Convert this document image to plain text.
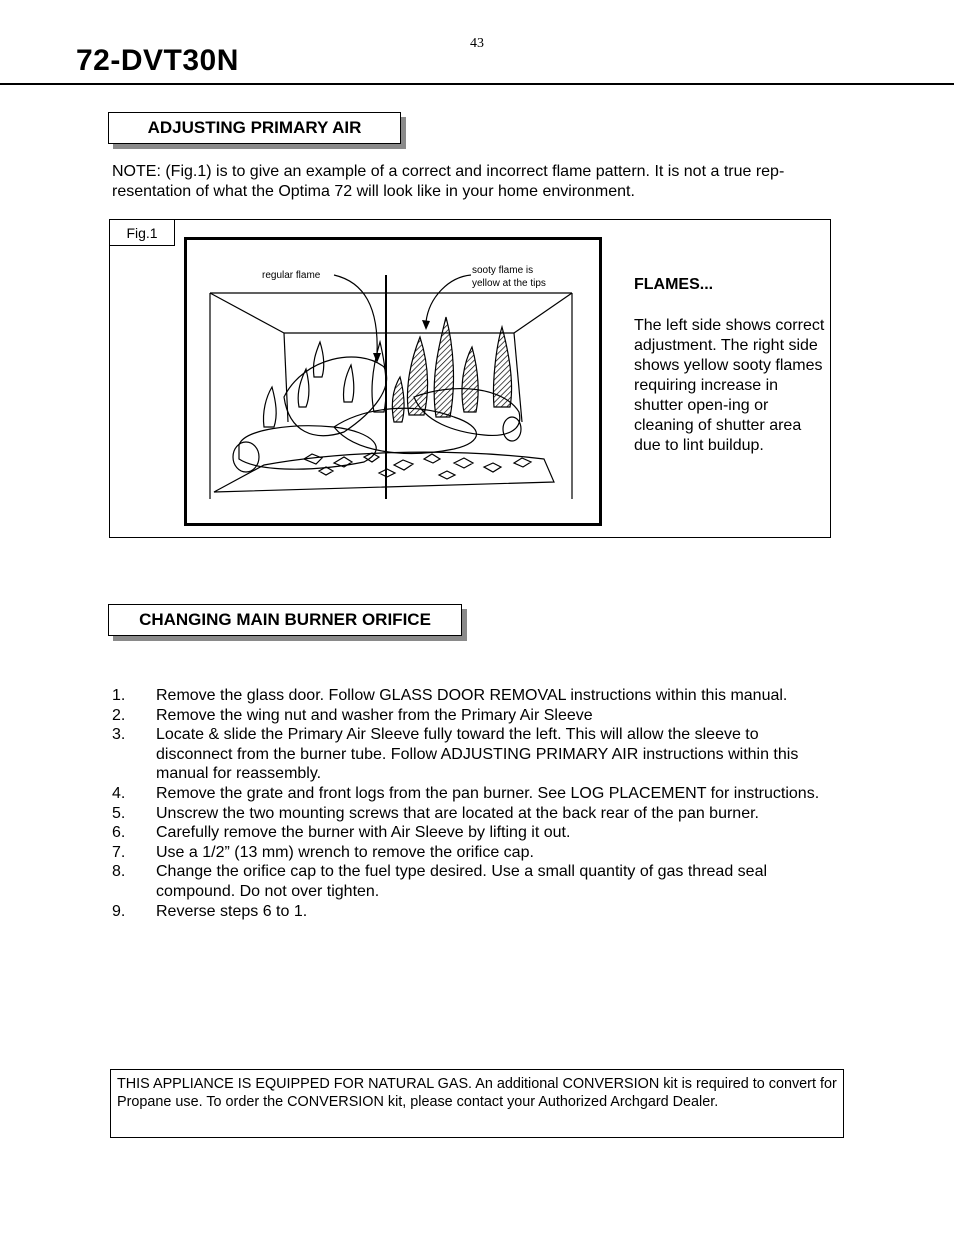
43
72-DVT30N
ADJUSTING PRIMARY AIR
NOTE: (Fig.1) is to give an example of a correct and incorrect flame pattern. It is not a true rep-resentation of what the Optima 72 will look like in your home environment.
Fig.1
regular flame	sooty flame is
yellow at the tips	FLAMES...
The left side shows correct adjustment. The right side shows yellow sooty flames requiring increase in shutter open-ing or cleaning of shutter area due to lint buildup.
CHANGING MAIN BURNER ORIFICE
1. Remove the glass door. Follow GLASS DOOR REMOVAL instructions within this manual.
2. Remove the wing nut and washer from the Primary Air Sleeve
3. Locate & slide the Primary Air Sleeve fully toward the left. This will allow the sleeve to disconnect from the burner tube. Follow ADJUSTING PRIMARY AIR instructions within this manual for reassembly.
4. Remove the grate and front logs from the pan burner. See LOG PLACEMENT for instructions.
5. Unscrew the two mounting screws that are located at the back rear of the pan burner.
6. Carefully remove the burner with Air Sleeve by lifting it out.
7. Use a 1/2” (13 mm) wrench to remove the orifice cap.
8. Change the orifice cap to the fuel type desired. Use a small quantity of gas thread seal compound. Do not over tighten.
9. Reverse steps 6 to 1.
THIS APPLIANCE IS EQUIPPED FOR NATURAL GAS. An additional CONVERSION kit is required to convert for Propane use. To order the CONVERSION kit, please contact your Authorized Archgard Dealer.
